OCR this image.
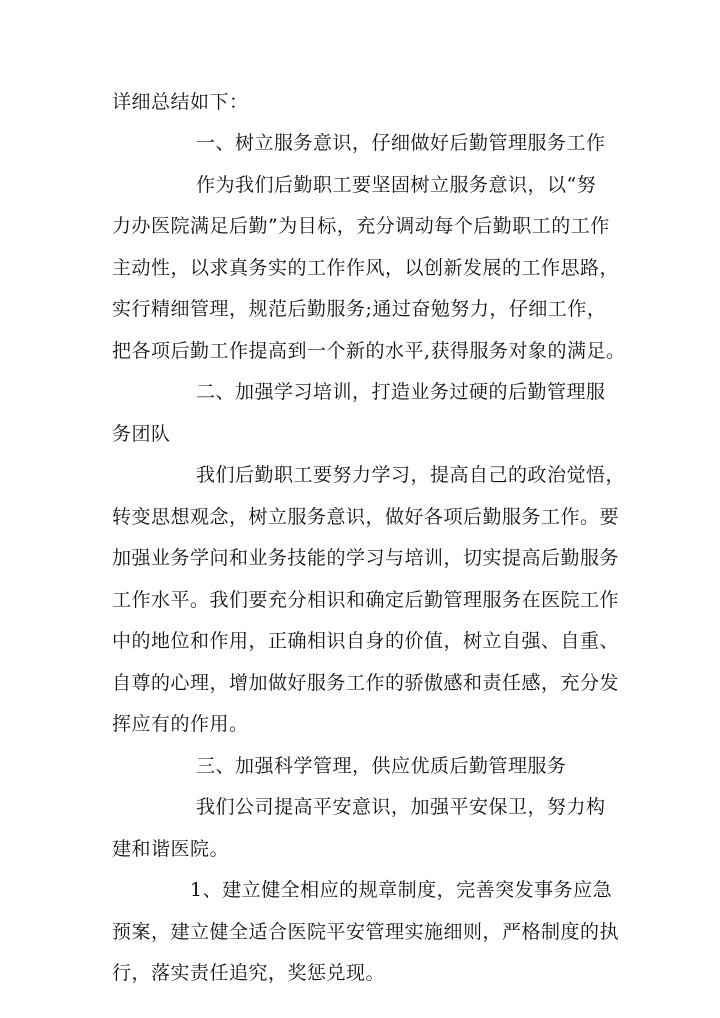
详细总结如下：
一、树立服务意识，仔细做好后勤管理服务工作
作为我们后勤职工要坚固树立服务意识，以“努
力办医院满足后勤”为目标，充分调动每个后勤职工的工作
主动性，以求真务实的工作作风，以创新发展的工作思路，
实行精细管理，规范后勤服务;通过奋勉努力，仔细工作，
把各项后勤工作提高到一个新的水平,获得服务对象的满足。
二、加强学习培训，打造业务过硬的后勤管理服
务团队
我们后勤职工要努力学习，提高自己的政治觉悟，
转变思想观念，树立服务意识，做好各项后勤服务工作。要
加强业务学问和业务技能的学习与培训，切实提高后勤服务
工作水平。我们要充分相识和确定后勤管理服务在医院工作
中的地位和作用，正确相识自身的价值，树立自强、自重、
自尊的心理，增加做好服务工作的骄傲感和责任感，充分发
挥应有的作用。
三、加强科学管理，供应优质后勤管理服务
我们公司提高平安意识，加强平安保卫，努力构
建和谐医院。
1、建立健全相应的规章制度，完善突发事务应急
预案，建立健全适合医院平安管理实施细则，严格制度的执
行，落实责任追究，奖惩兑现。
